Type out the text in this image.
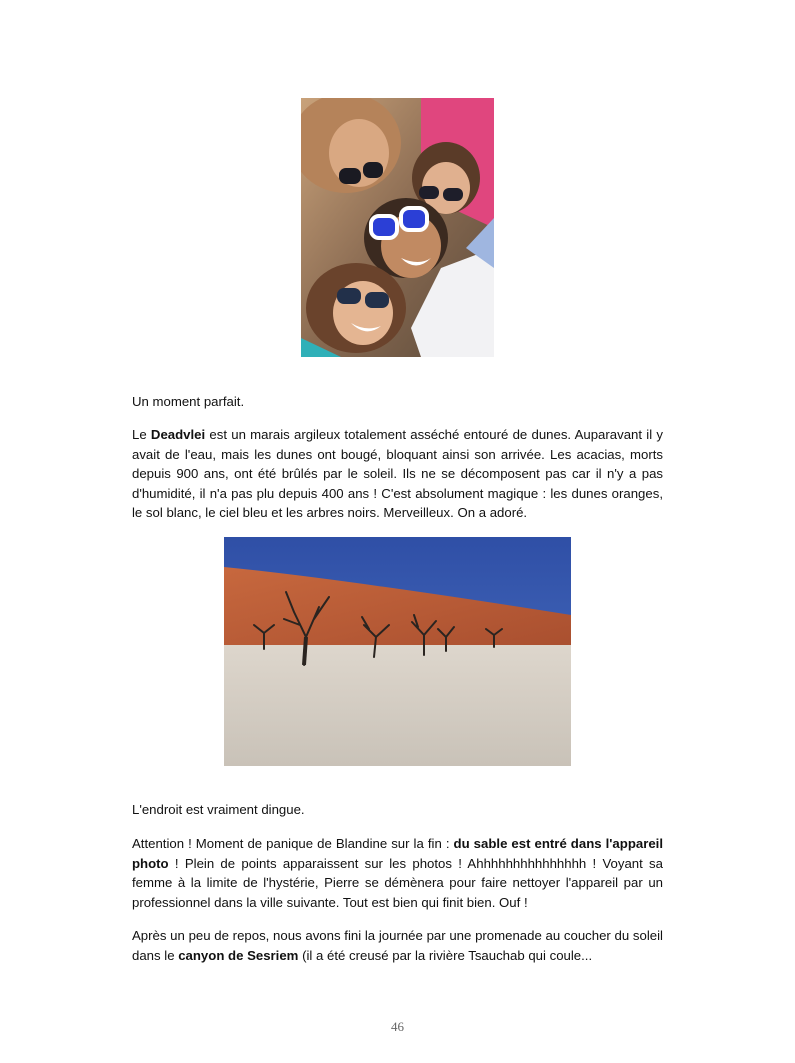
Un moment parfait.

Le Deadvlei est un marais argileux totalement asséché entouré de dunes. Auparavant il y avait de l'eau, mais les dunes ont bougé, bloquant ainsi son arrivée. Les acacias, morts depuis 900 ans, ont été brûlés par le soleil. Ils ne se décomposent pas car il n'y a pas d'humidité, il n'a pas plu depuis 400 ans ! C'est absolument magique : les dunes oranges, le sol blanc, le ciel bleu et les arbres noirs. Merveilleux. On a adoré.

L'endroit est vraiment dingue.

Attention ! Moment de panique de Blandine sur la fin : du sable est entré dans l'appareil photo ! Plein de points apparaissent sur les photos ! Ahhhhhhhhhhhhhhh ! Voyant sa femme à la limite de l'hystérie, Pierre se démènera pour faire nettoyer l'appareil par un professionnel dans la ville suivante. Tout est bien qui finit bien. Ouf !

Après un peu de repos, nous avons fini la journée par une promenade au coucher du soleil dans le canyon de Sesriem (il a été creusé par la rivière Tsauchab qui coule...

46
